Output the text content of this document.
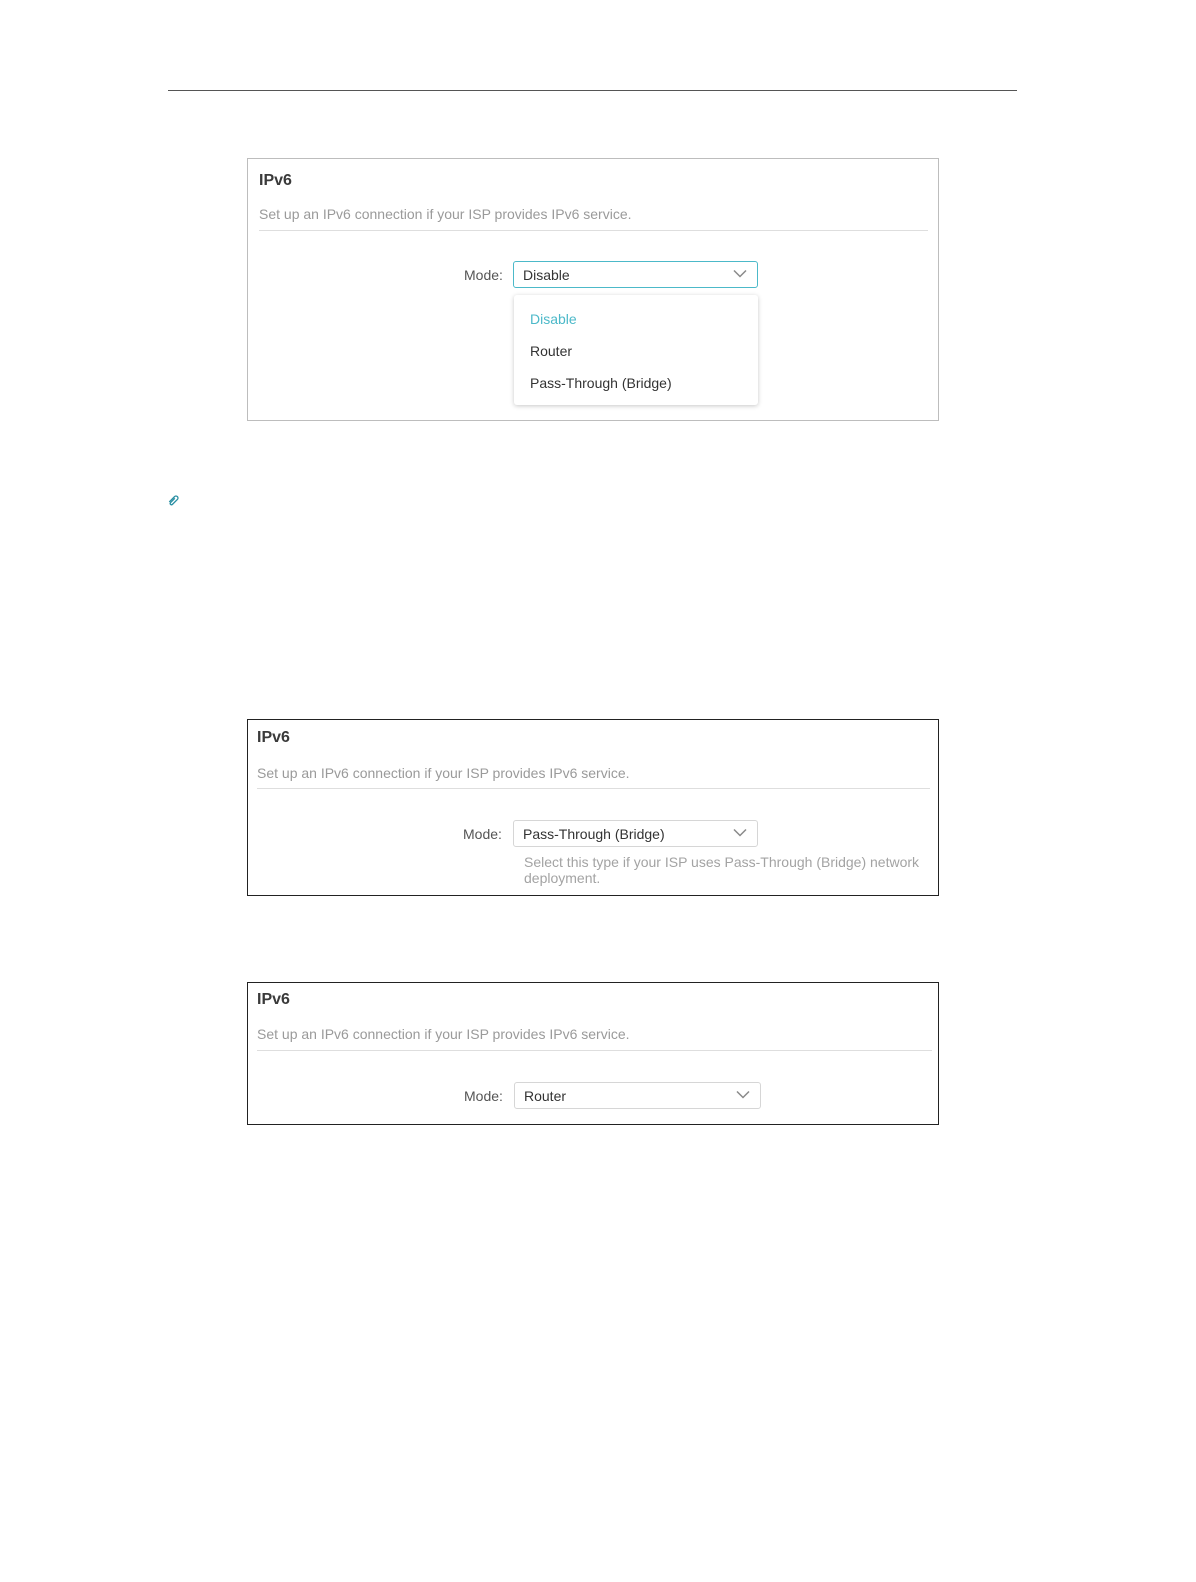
IPv6
Set up an IPv6 connection if your ISP provides IPv6 service.
Mode: Disable
Disable
Router
Pass-Through (Bridge)
IPv6
Set up an IPv6 connection if your ISP provides IPv6 service.
Mode: Pass-Through (Bridge)
Select this type if your ISP uses Pass-Through (Bridge) network deployment.
IPv6
Set up an IPv6 connection if your ISP provides IPv6 service.
Mode: Router
